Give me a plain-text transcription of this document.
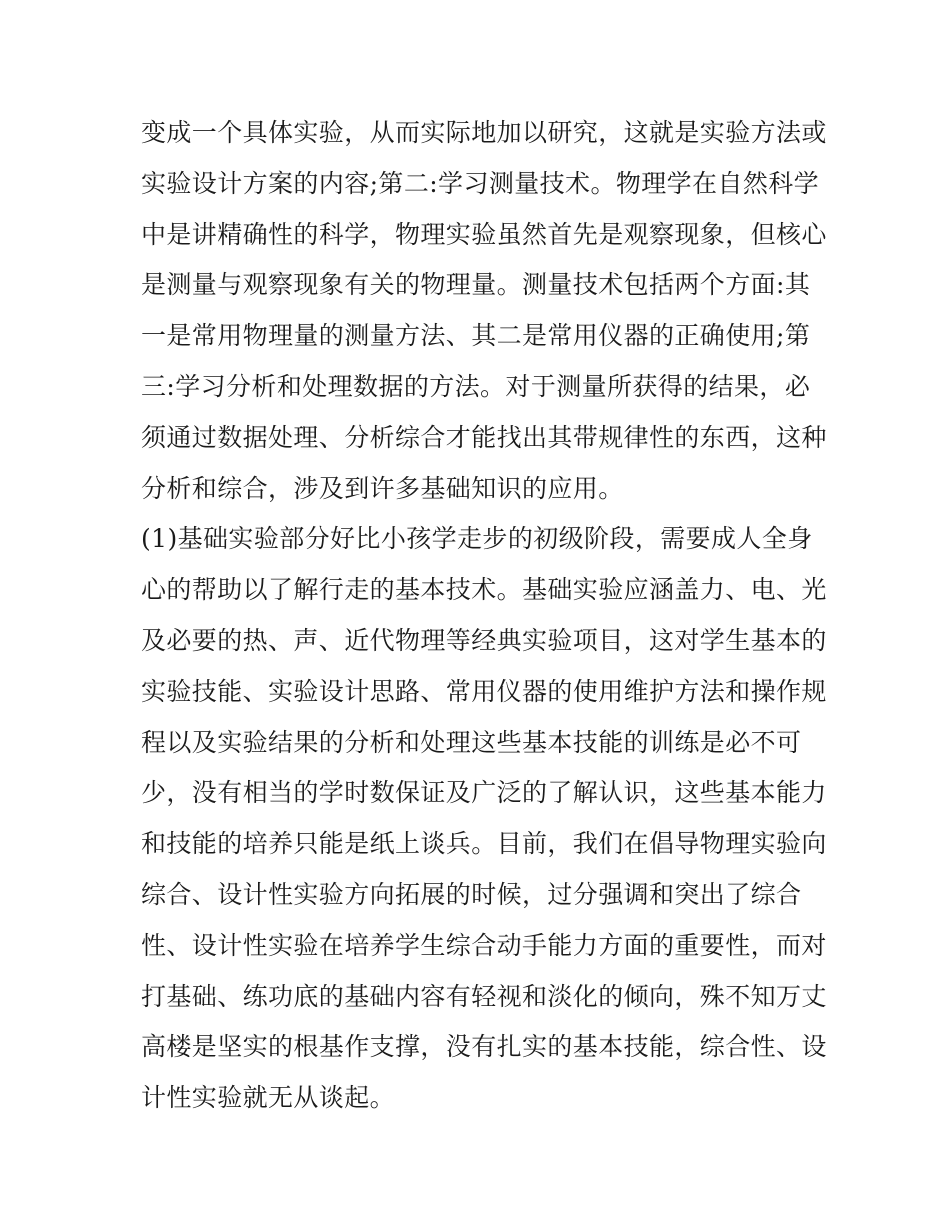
变成一个具体实验，从而实际地加以研究，这就是实验方法或
实验设计方案的内容;第二:学习测量技术。物理学在自然科学
中是讲精确性的科学，物理实验虽然首先是观察现象，但核心
是测量与观察现象有关的物理量。测量技术包括两个方面:其
一是常用物理量的测量方法、其二是常用仪器的正确使用;第
三:学习分析和处理数据的方法。对于测量所获得的结果，必
须通过数据处理、分析综合才能找出其带规律性的东西，这种
分析和综合，涉及到许多基础知识的应用。
(1)基础实验部分好比小孩学走步的初级阶段，需要成人全身
心的帮助以了解行走的基本技术。基础实验应涵盖力、电、光
及必要的热、声、近代物理等经典实验项目，这对学生基本的
实验技能、实验设计思路、常用仪器的使用维护方法和操作规
程以及实验结果的分析和处理这些基本技能的训练是必不可
少，没有相当的学时数保证及广泛的了解认识，这些基本能力
和技能的培养只能是纸上谈兵。目前，我们在倡导物理实验向
综合、设计性实验方向拓展的时候，过分强调和突出了综合
性、设计性实验在培养学生综合动手能力方面的重要性，而对
打基础、练功底的基础内容有轻视和淡化的倾向，殊不知万丈
高楼是坚实的根基作支撑，没有扎实的基本技能，综合性、设
计性实验就无从谈起。
